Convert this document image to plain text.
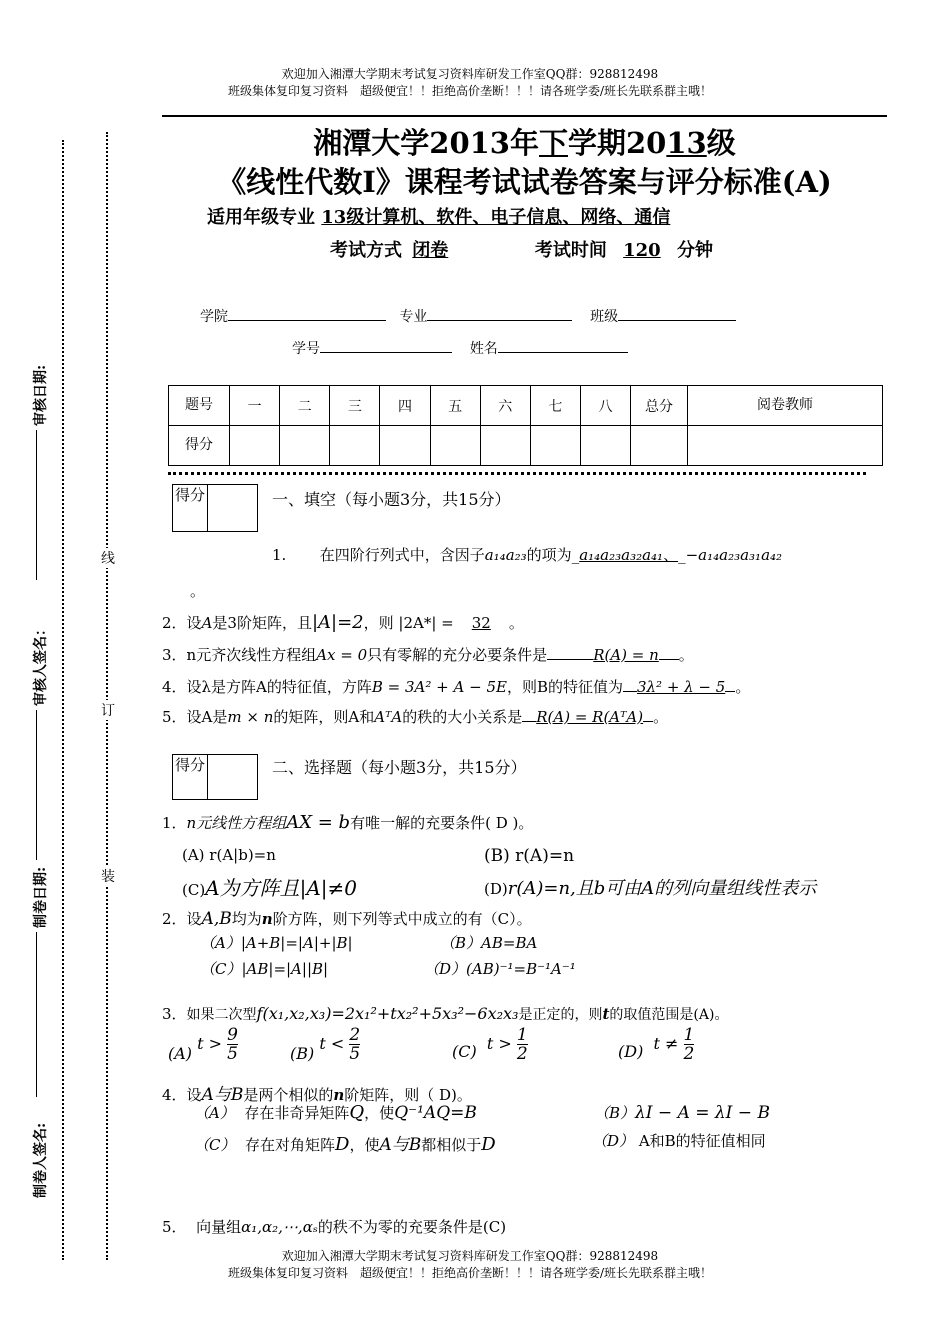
欢迎加入湘潭大学期末考试复习资料库研发工作室QQ群：928812498
班级集体复印复习资料　超级便宜！！拒绝高价垄断！！！请各班学委/班长先联系群主哦！
湘潭大学2013年下学期2013级
《线性代数Ⅰ》课程考试试卷答案与评分标准(A)
适用年级专业 13级计算机、软件、电子信息、网络、通信
考试方式 闭卷	考试时间 120 分钟
学院	专业	班级
学号	姓名
题号	一	二	三	四	五	六	七	八	总分	阅卷教师
得分										
得分	一、填空（每小题3分，共15分）
1. 在四阶行列式中，含因子a₁₄a₂₃的项为_a₁₄a₂₃a₃₂a₄₁、_−a₁₄a₂₃a₃₁a₄₂
。
2．设A是3阶矩阵，且|A|=2，则 |2A*| = 32 。
3．n元齐次线性方程组Ax = 0只有零解的充分必要条件是	R(A) = n 。
4．设λ是方阵A的特征值，方阵B = 3A² + A − 5E，则B的特征值为 3λ² + λ − 5 。
5．设A是m × n的矩阵，则A和AᵀA的秩的大小关系是 R(A) = R(AᵀA) 。
得分	二、选择题（每小题3分，共15分）
1．n元线性方程组AX = b有唯一解的充要条件( D )。
(A) r(A|b)=n	(B) r(A)=n
(C)A为方阵且|A|≠0	(D)r(A)=n,且b可由A的列向量组线性表示
2．设A,B均为n阶方阵，则下列等式中成立的有（C）。
（A）|A+B|=|A|+|B|	（B）AB=BA
（C）|AB|=|A||B|	（D）(AB)⁻¹=B⁻¹A⁻¹
3．如果二次型f(x₁,x₂,x₃)=2x₁²+tx₂²+5x₃²−6x₂x₃是正定的，则t的取值范围是(A)。
(A) $t > \frac{9}{5}$	(B) $t < \frac{2}{5}$	(C) $t > \frac{1}{2}$	(D) $t \ne \frac{1}{2}$
4．设A与B是两个相似的n阶矩阵，则（ D)。
（A） 存在非奇异矩阵Q，使Q⁻¹AQ=B	（B）λI − A = λI − B
（C） 存在对角矩阵D，使A与B都相似于D	（D） A和B的特征值相同
5． 向量组α₁,α₂,⋯,αₛ的秩不为零的充要条件是(C)
欢迎加入湘潭大学期末考试复习资料库研发工作室QQ群：928812498
班级集体复印复习资料　超级便宜！！拒绝高价垄断！！！请各班学委/班长先联系群主哦！
审核日期:
审核人签名：
制卷日期:
制卷人签名:
线
订
装
